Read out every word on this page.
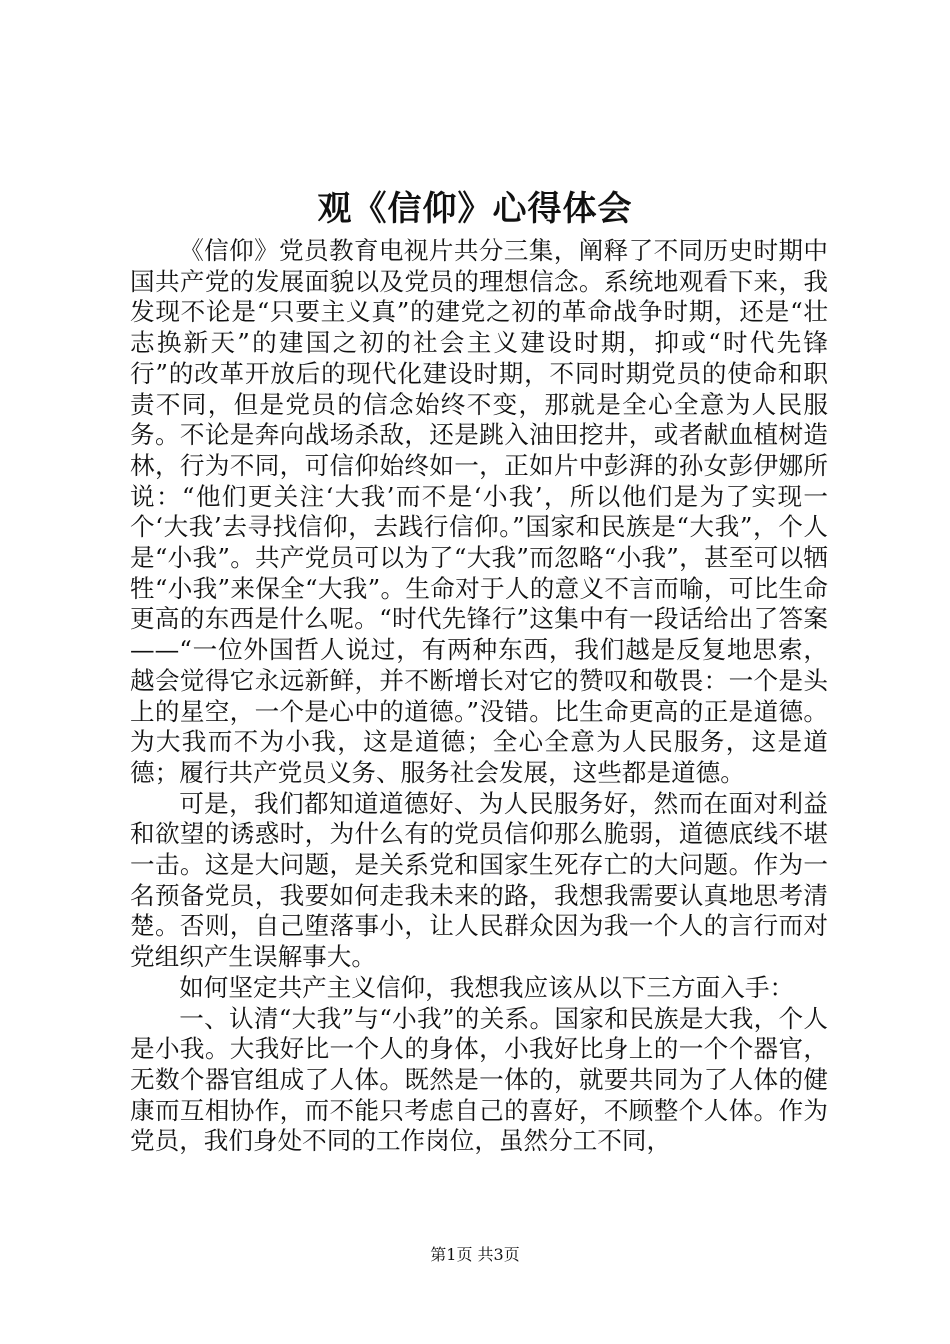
观《信仰》心得体会

《信仰》党员教育电视片共分三集，阐释了不同历史时期中国共产党的发展面貌以及党员的理想信念。系统地观看下来，我发现不论是“只要主义真”的建党之初的革命战争时期，还是“壮志换新天”的建国之初的社会主义建设时期，抑或“时代先锋行”的改革开放后的现代化建设时期，不同时期党员的使命和职责不同，但是党员的信念始终不变，那就是全心全意为人民服务。不论是奔向战场杀敌，还是跳入油田挖井，或者献血植树造林，行为不同，可信仰始终如一，正如片中彭湃的孙女彭伊娜所说：“他们更关注‘大我’而不是‘小我’，所以他们是为了实现一个‘大我’去寻找信仰，去践行信仰。”国家和民族是“大我”，个人是“小我”。共产党员可以为了“大我”而忽略“小我”，甚至可以牺牲“小我”来保全“大我”。生命对于人的意义不言而喻，可比生命更高的东西是什么呢。“时代先锋行”这集中有一段话给出了答案——“一位外国哲人说过，有两种东西，我们越是反复地思索，越会觉得它永远新鲜，并不断增长对它的赞叹和敬畏：一个是头上的星空，一个是心中的道德。”没错。比生命更高的正是道德。为大我而不为小我，这是道德；全心全意为人民服务，这是道德；履行共产党员义务、服务社会发展，这些都是道德。

可是，我们都知道道德好、为人民服务好，然而在面对利益和欲望的诱惑时，为什么有的党员信仰那么脆弱，道德底线不堪一击。这是大问题，是关系党和国家生死存亡的大问题。作为一名预备党员，我要如何走我未来的路，我想我需要认真地思考清楚。否则，自己堕落事小，让人民群众因为我一个人的言行而对党组织产生误解事大。

如何坚定共产主义信仰，我想我应该从以下三方面入手：

一、认清“大我”与“小我”的关系。国家和民族是大我，个人是小我。大我好比一个人的身体，小我好比身上的一个个器官，无数个器官组成了人体。既然是一体的，就要共同为了人体的健康而互相协作，而不能只考虑自己的喜好，不顾整个人体。作为党员，我们身处不同的工作岗位，虽然分工不同，

第1页 共3页
